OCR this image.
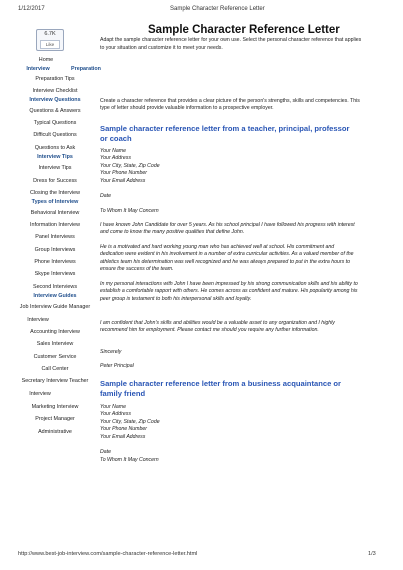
1/12/2017	Sample Character Reference Letter
6.7K
Like
Home
Interview	Preparation
Preparation Tips
Interview Checklist
Interview Questions
Questions & Answers
Typical Questions
Difficult Questions
Questions to Ask
Interview Tips
Interview Tips
Dress for Success
Closing the Interview
Types of Interview
Behavioral Interview
Information Interview
Panel Interviews
Group Interviews
Phone Interviews
Skype Interviews
Second Interviews
Interview Guides
Job Interview Guide Manager
Interview
Accounting Interview
Sales Interview
Customer Service
Call Center
Secretary Interview Teacher
Interview
Marketing Interview
Project Manager
Administrative
Sample Character Reference Letter
Adapt the sample character reference letter for your own use. Select the personal character reference that applies to your situation and customize it to meet your needs.
Create a character reference that provides a clear picture of the person's strengths, skills and competencies. This type of letter should provide valuable information to a prospective employer.
Sample character reference letter from a teacher, principal, professor or coach
Your Name
Your Address
Your City, State, Zip Code
Your Phone Number
Your Email Address
Date
To Whom It May Concern
I have known John Candidate for over 5 years. As his school principal I have followed his progress with interest and come to know the many positive qualities that define John.
He is a motivated and hard working young man who has achieved well at school. His commitment and dedication were evident in his involvement in a number of extra curricular activities. As a valued member of the athletics team his determination was well recognized and he was always prepared to put in the extra hours to ensure the success of the team.
In my personal interactions with John I have been impressed by his strong communication skills and his ability to establish a comfortable rapport with others. He comes across as confident and mature. His popularity among his peer group is testament to both his interpersonal skills and loyalty.
I am confident that John's skills and abilities would be a valuable asset to any organization and I highly recommend him for employment. Please contact me should you require any further information.
Sincerely
Peter Principal
Sample character reference letter from a business acquaintance or family friend
Your Name
Your Address
Your City, State, Zip Code
Your Phone Number
Your Email Address
Date
To Whom It May Concern
http://www.best-job-interview.com/sample-character-reference-letter.html	1/3
